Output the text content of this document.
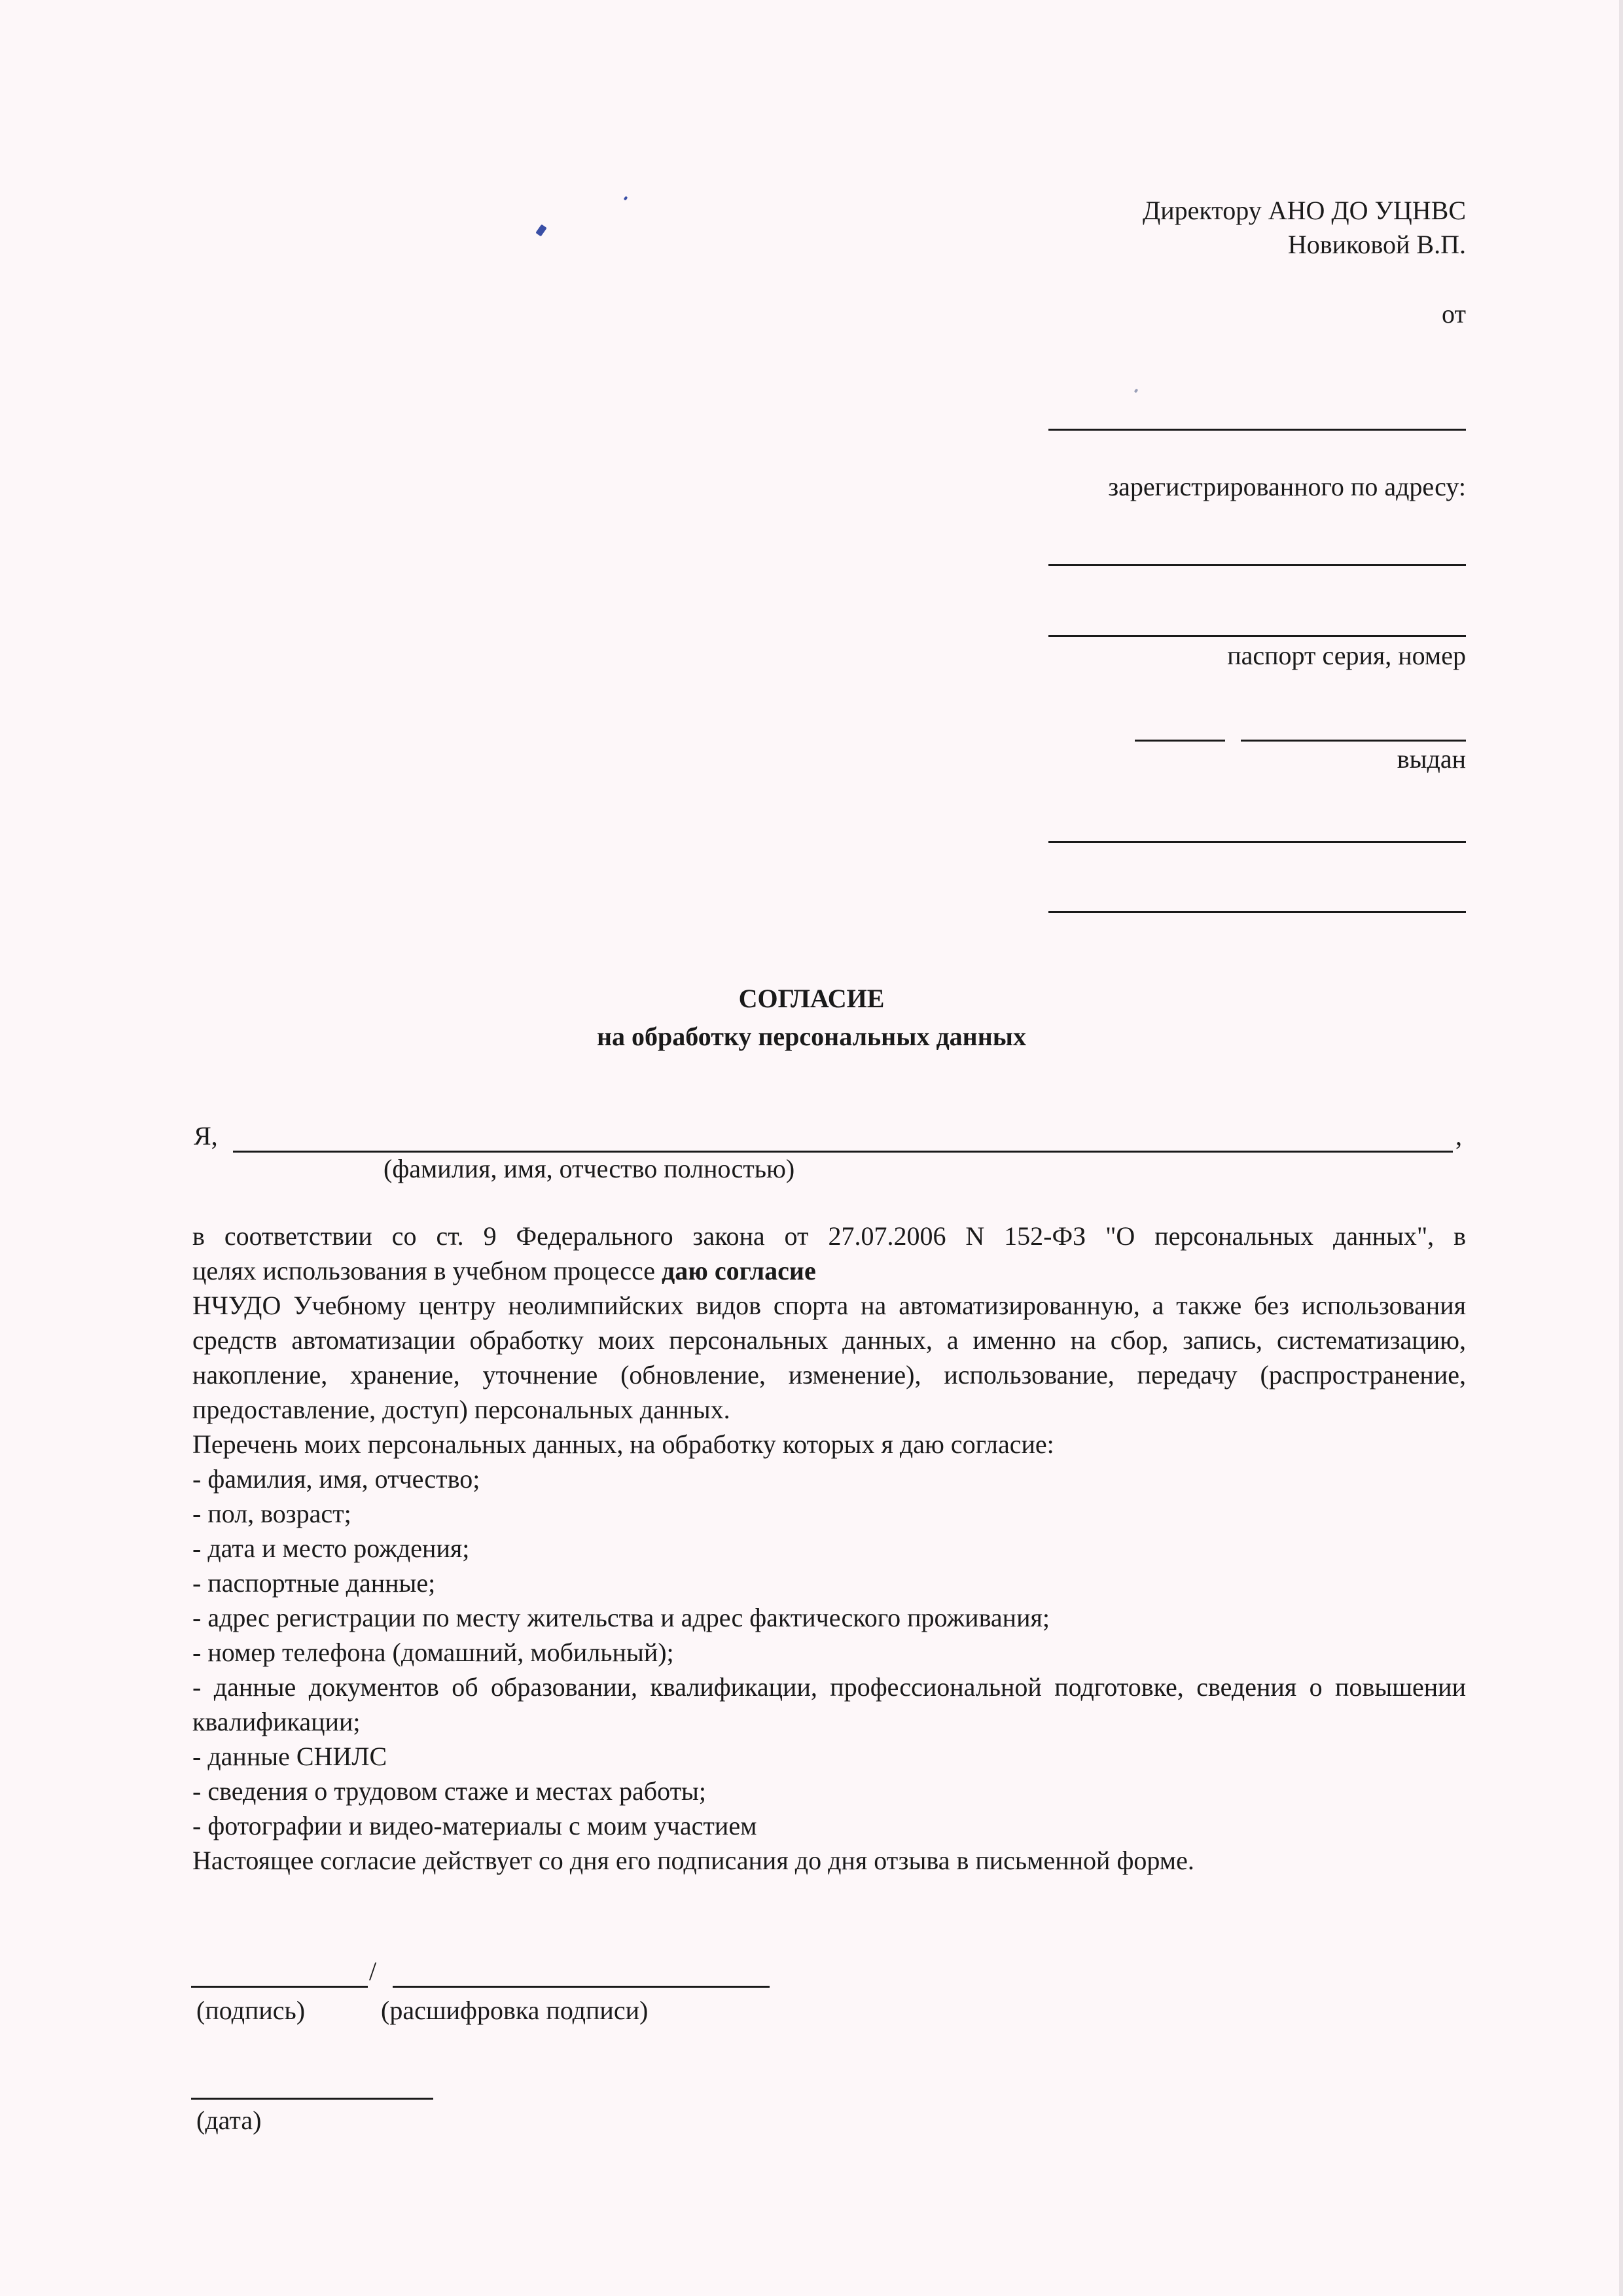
Директору АНО ДО УЦНВС
Новиковой В.П.
от
зарегистрированного по адресу:
паспорт серия, номер
выдан
СОГЛАСИЕ
на обработку персональных данных
Я,	,
(фамилия, имя, отчество полностью)

в соответствии со ст. 9 Федерального закона от 27.07.2006 N 152-ФЗ "О персональных данных", в

целях использования в учебном процессе даю согласие

НЧУДО Учебному центру неолимпийских видов спорта на автоматизированную, а также без использования средств автоматизации обработку моих персональных данных, а именно на сбор, запись, систематизацию, накопление, хранение, уточнение (обновление, изменение), использование, передачу (распространение, предоставление, доступ) персональных данных.

Перечень моих персональных данных, на обработку которых я даю согласие:

- фамилия, имя, отчество;

- пол, возраст;

- дата и место рождения;

- паспортные данные;

- адрес регистрации по месту жительства и адрес фактического проживания;

- номер телефона (домашний, мобильный);

- данные документов об образовании, квалификации, профессиональной подготовке, сведения о повышении квалификации;

- данные СНИЛС

- сведения о трудовом стаже и местах работы;

- фотографии и видео-материалы с моим участием

Настоящее согласие действует со дня его подписания до дня отзыва в письменной форме.

/
(подпись)	(расшифровка подписи)
(дата)
